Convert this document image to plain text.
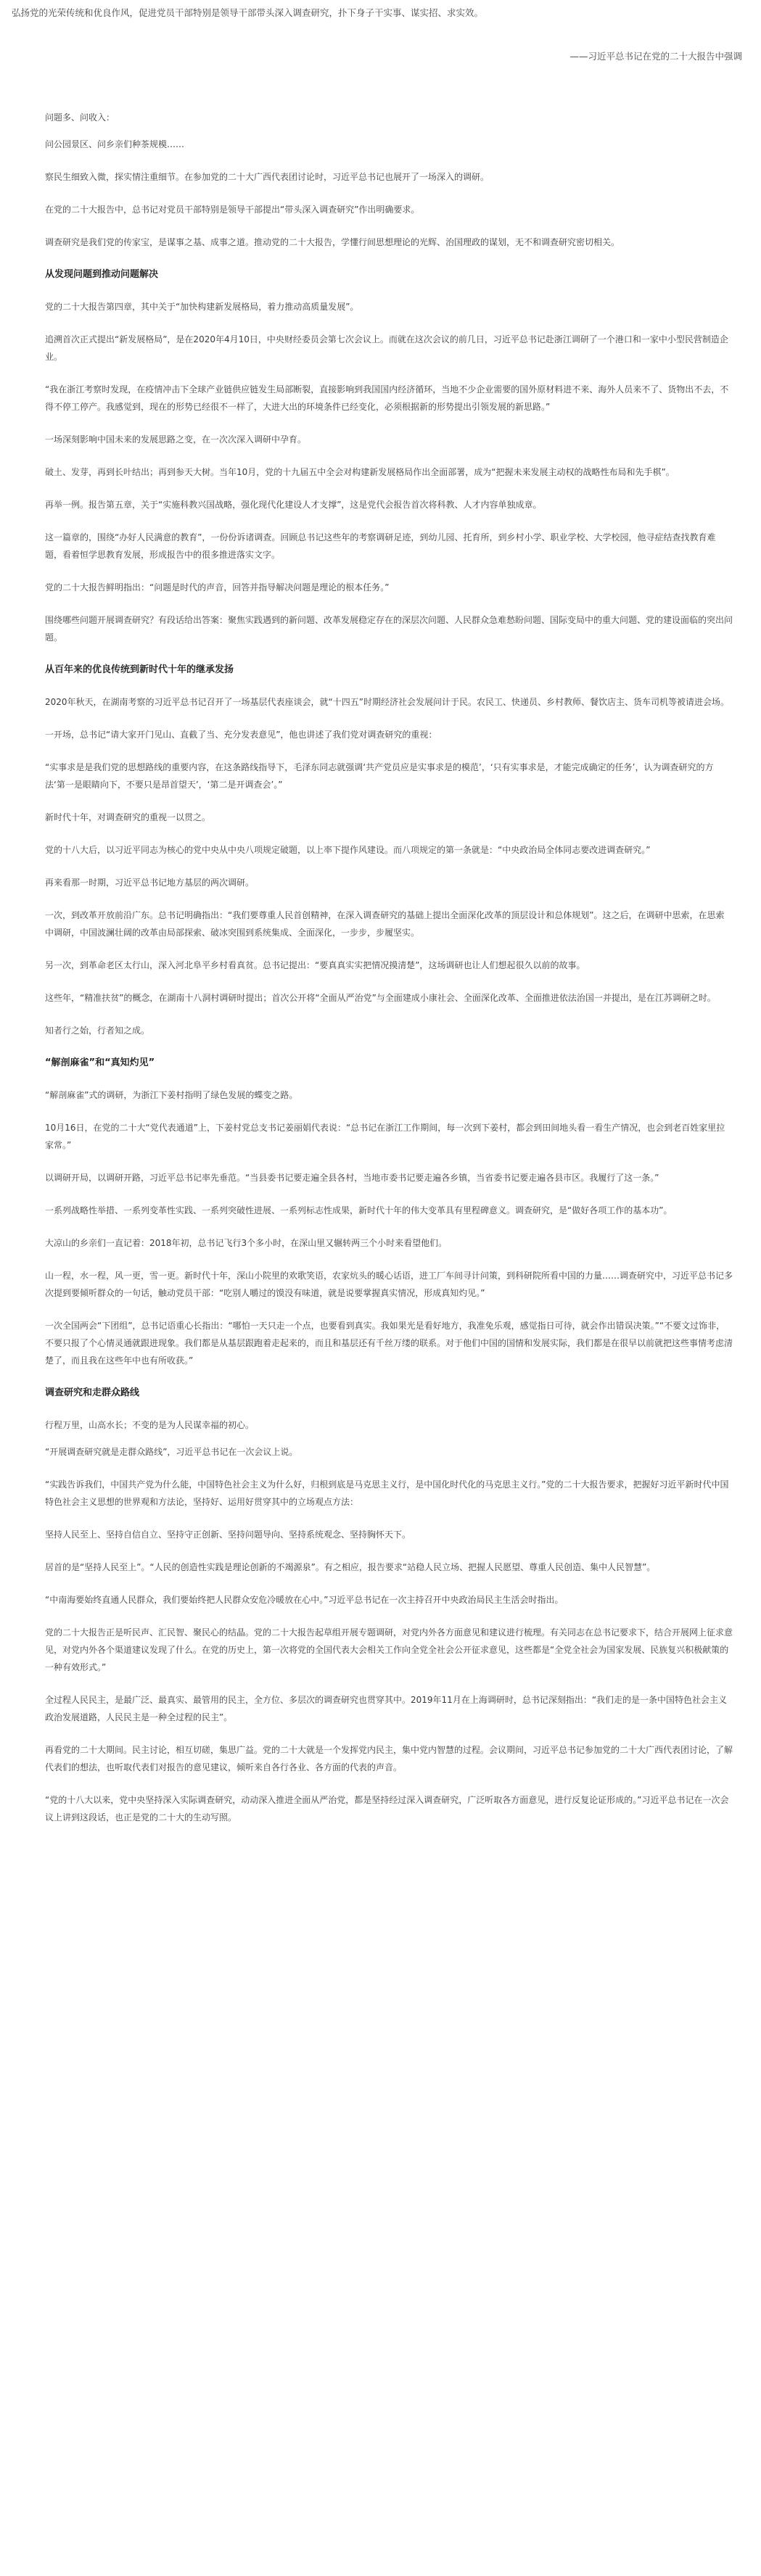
弘扬党的光荣传统和优良作风，促进党员干部特别是领导干部带头深入调查研究，扑下身子干实事、谋实招、求实效。
——习近平总书记在党的二十大报告中强调

问题多、问收入：

问公园景区、问乡亲们种茶规模……

察民生细致入微，探实情注重细节。在参加党的二十大广西代表团讨论时，习近平总书记也展开了一场深入的调研。

在党的二十大报告中，总书记对党员干部特别是领导干部提出“带头深入调查研究”作出明确要求。

调查研究是我们党的传家宝，是谋事之基、成事之道。推动党的二十大报告，学懂行间思想理论的光辉、治国理政的谋划，无不和调查研究密切相关。

从发现问题到推动问题解决

党的二十大报告第四章，其中关于“加快构建新发展格局，着力推动高质量发展”。

追溯首次正式提出“新发展格局”，是在2020年4月10日，中央财经委员会第七次会议上。而就在这次会议的前几日，习近平总书记赴浙江调研了一个港口和一家中小型民营制造企业。

“我在浙江考察时发现，在疫情冲击下全球产业链供应链发生局部断裂，直接影响到我国国内经济循环，当地不少企业需要的国外原材料进不来、海外人员来不了、货物出不去，不得不停工停产。我感觉到，现在的形势已经很不一样了，大进大出的环境条件已经变化，必须根据新的形势提出引领发展的新思路。”

一场深刻影响中国未来的发展思路之变，在一次次深入调研中孕育。

破土、发芽，再到长叶结出；再到参天大树。当年10月，党的十九届五中全会对构建新发展格局作出全面部署，成为“把握未来发展主动权的战略性布局和先手棋”。

再举一例。报告第五章，关于“实施科教兴国战略，强化现代化建设人才支撑”，这是党代会报告首次将科教、人才内容单独成章。

这一篇章的，围绕“办好人民满意的教育”，一份份诉诸调查。回顾总书记这些年的考察调研足迹，到幼儿园、托育所，到乡村小学、职业学校、大学校园，他寻症结查找教育难题，看着恒学思教育发展，形成报告中的很多推进落实文字。

党的二十大报告鲜明指出：“问题是时代的声音，回答并指导解决问题是理论的根本任务。”

围绕哪些问题开展调查研究？有段话给出答案：聚焦实践遇到的新问题、改革发展稳定存在的深层次问题、人民群众急难愁盼问题、国际变局中的重大问题、党的建设面临的突出问题。

从百年来的优良传统到新时代十年的继承发扬

2020年秋天，在湖南考察的习近平总书记召开了一场基层代表座谈会，就“十四五”时期经济社会发展问计于民。农民工、快递员、乡村教师、餐饮店主、货车司机等被请进会场。

一开场，总书记“请大家开门见山、直截了当、充分发表意见”，他也讲述了我们党对调查研究的重视：

“实事求是是我们党的思想路线的重要内容，在这条路线指导下，毛泽东同志就强调‘共产党员应是实事求是的模范’，‘只有实事求是，才能完成确定的任务’，认为调查研究的方法‘第一是眼睛向下，不要只是昂首望天’，‘第二是开调查会’。”

新时代十年，对调查研究的重视一以贯之。

党的十八大后，以习近平同志为核心的党中央从中央八项规定破题，以上率下提作风建设。而八项规定的第一条就是：“中央政治局全体同志要改进调查研究。”

再来看那一时期，习近平总书记地方基层的两次调研。

一次，到改革开放前沿广东。总书记明确指出：“我们要尊重人民首创精神，在深入调查研究的基础上提出全面深化改革的顶层设计和总体规划”。这之后，在调研中思索，在思索中调研，中国波澜壮阔的改革由局部探索、破冰突围到系统集成、全面深化，一步步，步履坚实。

另一次，到革命老区太行山，深入河北阜平乡村看真贫。总书记提出：“要真真实实把情况摸清楚”，这场调研也让人们想起很久以前的故事。

这些年，“精准扶贫”的概念，在湖南十八洞村调研时提出；首次公开将“全面从严治党”与全面建成小康社会、全面深化改革、全面推进依法治国一并提出，是在江苏调研之时。

知者行之始，行者知之成。

“解剖麻雀”和“真知灼见”

“解剖麻雀”式的调研，为浙江下姜村指明了绿色发展的蝶变之路。

10月16日，在党的二十大“党代表通道”上，下姜村党总支书记姜丽娟代表说：“总书记在浙江工作期间，每一次到下姜村，都会到田间地头看一看生产情况，也会到老百姓家里拉家常。”

以调研开局，以调研开路，习近平总书记率先垂范。“当县委书记要走遍全县各村，当地市委书记要走遍各乡镇，当省委书记要走遍各县市区。我履行了这一条。”

一系列战略性举措、一系列变革性实践、一系列突破性进展、一系列标志性成果，新时代十年的伟大变革具有里程碑意义。调查研究，是“做好各项工作的基本功”。

大凉山的乡亲们一直记着：2018年初，总书记飞行3个多小时，在深山里又辗转两三个小时来看望他们。

山一程，水一程，风一更，雪一更。新时代十年，深山小院里的欢歌笑语，农家炕头的暖心话语，进工厂车间寻计问策，到科研院所看中国的力量……调查研究中，习近平总书记多次提到要倾听群众的一句话，触动党员干部：“吃别人嚼过的馍没有味道，就是说要掌握真实情况，形成真知灼见。”

一次全国两会“下团组”，总书记语重心长指出：“哪怕一天只走一个点，也要看到真实。我如果光是看好地方，我准免乐观，感觉指日可待，就会作出错误决策。”“不要文过饰非，不要只报了个心情灵通就跟进现象。我们都是从基层跟跑着走起来的，而且和基层还有千丝万缕的联系。对于他们中国的国情和发展实际，我们都是在很早以前就把这些事情考虑清楚了，而且我在这些年中也有所收获。”

调查研究和走群众路线

行程万里，山高水长；不变的是为人民谋幸福的初心。

“开展调查研究就是走群众路线”，习近平总书记在一次会议上说。

“实践告诉我们，中国共产党为什么能，中国特色社会主义为什么好，归根到底是马克思主义行，是中国化时代化的马克思主义行。”党的二十大报告要求，把握好习近平新时代中国特色社会主义思想的世界观和方法论，坚持好、运用好贯穿其中的立场观点方法：

坚持人民至上、坚持自信自立、坚持守正创新、坚持问题导向、坚持系统观念、坚持胸怀天下。

居首的是“坚持人民至上”。“人民的创造性实践是理论创新的不竭源泉”。有之相应，报告要求“站稳人民立场、把握人民愿望、尊重人民创造、集中人民智慧”。

“中南海要始终直通人民群众，我们要始终把人民群众安危冷暖放在心中。”习近平总书记在一次主持召开中央政治局民主生活会时指出。

党的二十大报告正是听民声、汇民智、聚民心的结晶。党的二十大报告起草组开展专题调研，对党内外各方面意见和建议进行梳理。有关同志在总书记要求下，结合开展网上征求意见，对党内外各个渠道建议发现了什么。在党的历史上，第一次将党的全国代表大会相关工作向全党全社会公开征求意见，这些都是“全党全社会为国家发展、民族复兴积极献策的一种有效形式。”

全过程人民民主，是最广泛、最真实、最管用的民主，全方位、多层次的调查研究也贯穿其中。2019年11月在上海调研时，总书记深刻指出：“我们走的是一条中国特色社会主义政治发展道路，人民民主是一种全过程的民主”。

再看党的二十大期间。民主讨论，相互切磋，集思广益。党的二十大就是一个发挥党内民主，集中党内智慧的过程。会议期间，习近平总书记参加党的二十大广西代表团讨论，了解代表们的想法，也听取代表们对报告的意见建议，倾听来自各行各业、各方面的代表的声音。

“党的十八大以来，党中央坚持深入实际调查研究，动动深入推进全面从严治党，都是坚持经过深入调查研究，广泛听取各方面意见，进行反复论证形成的。”习近平总书记在一次会议上讲到这段话，也正是党的二十大的生动写照。
